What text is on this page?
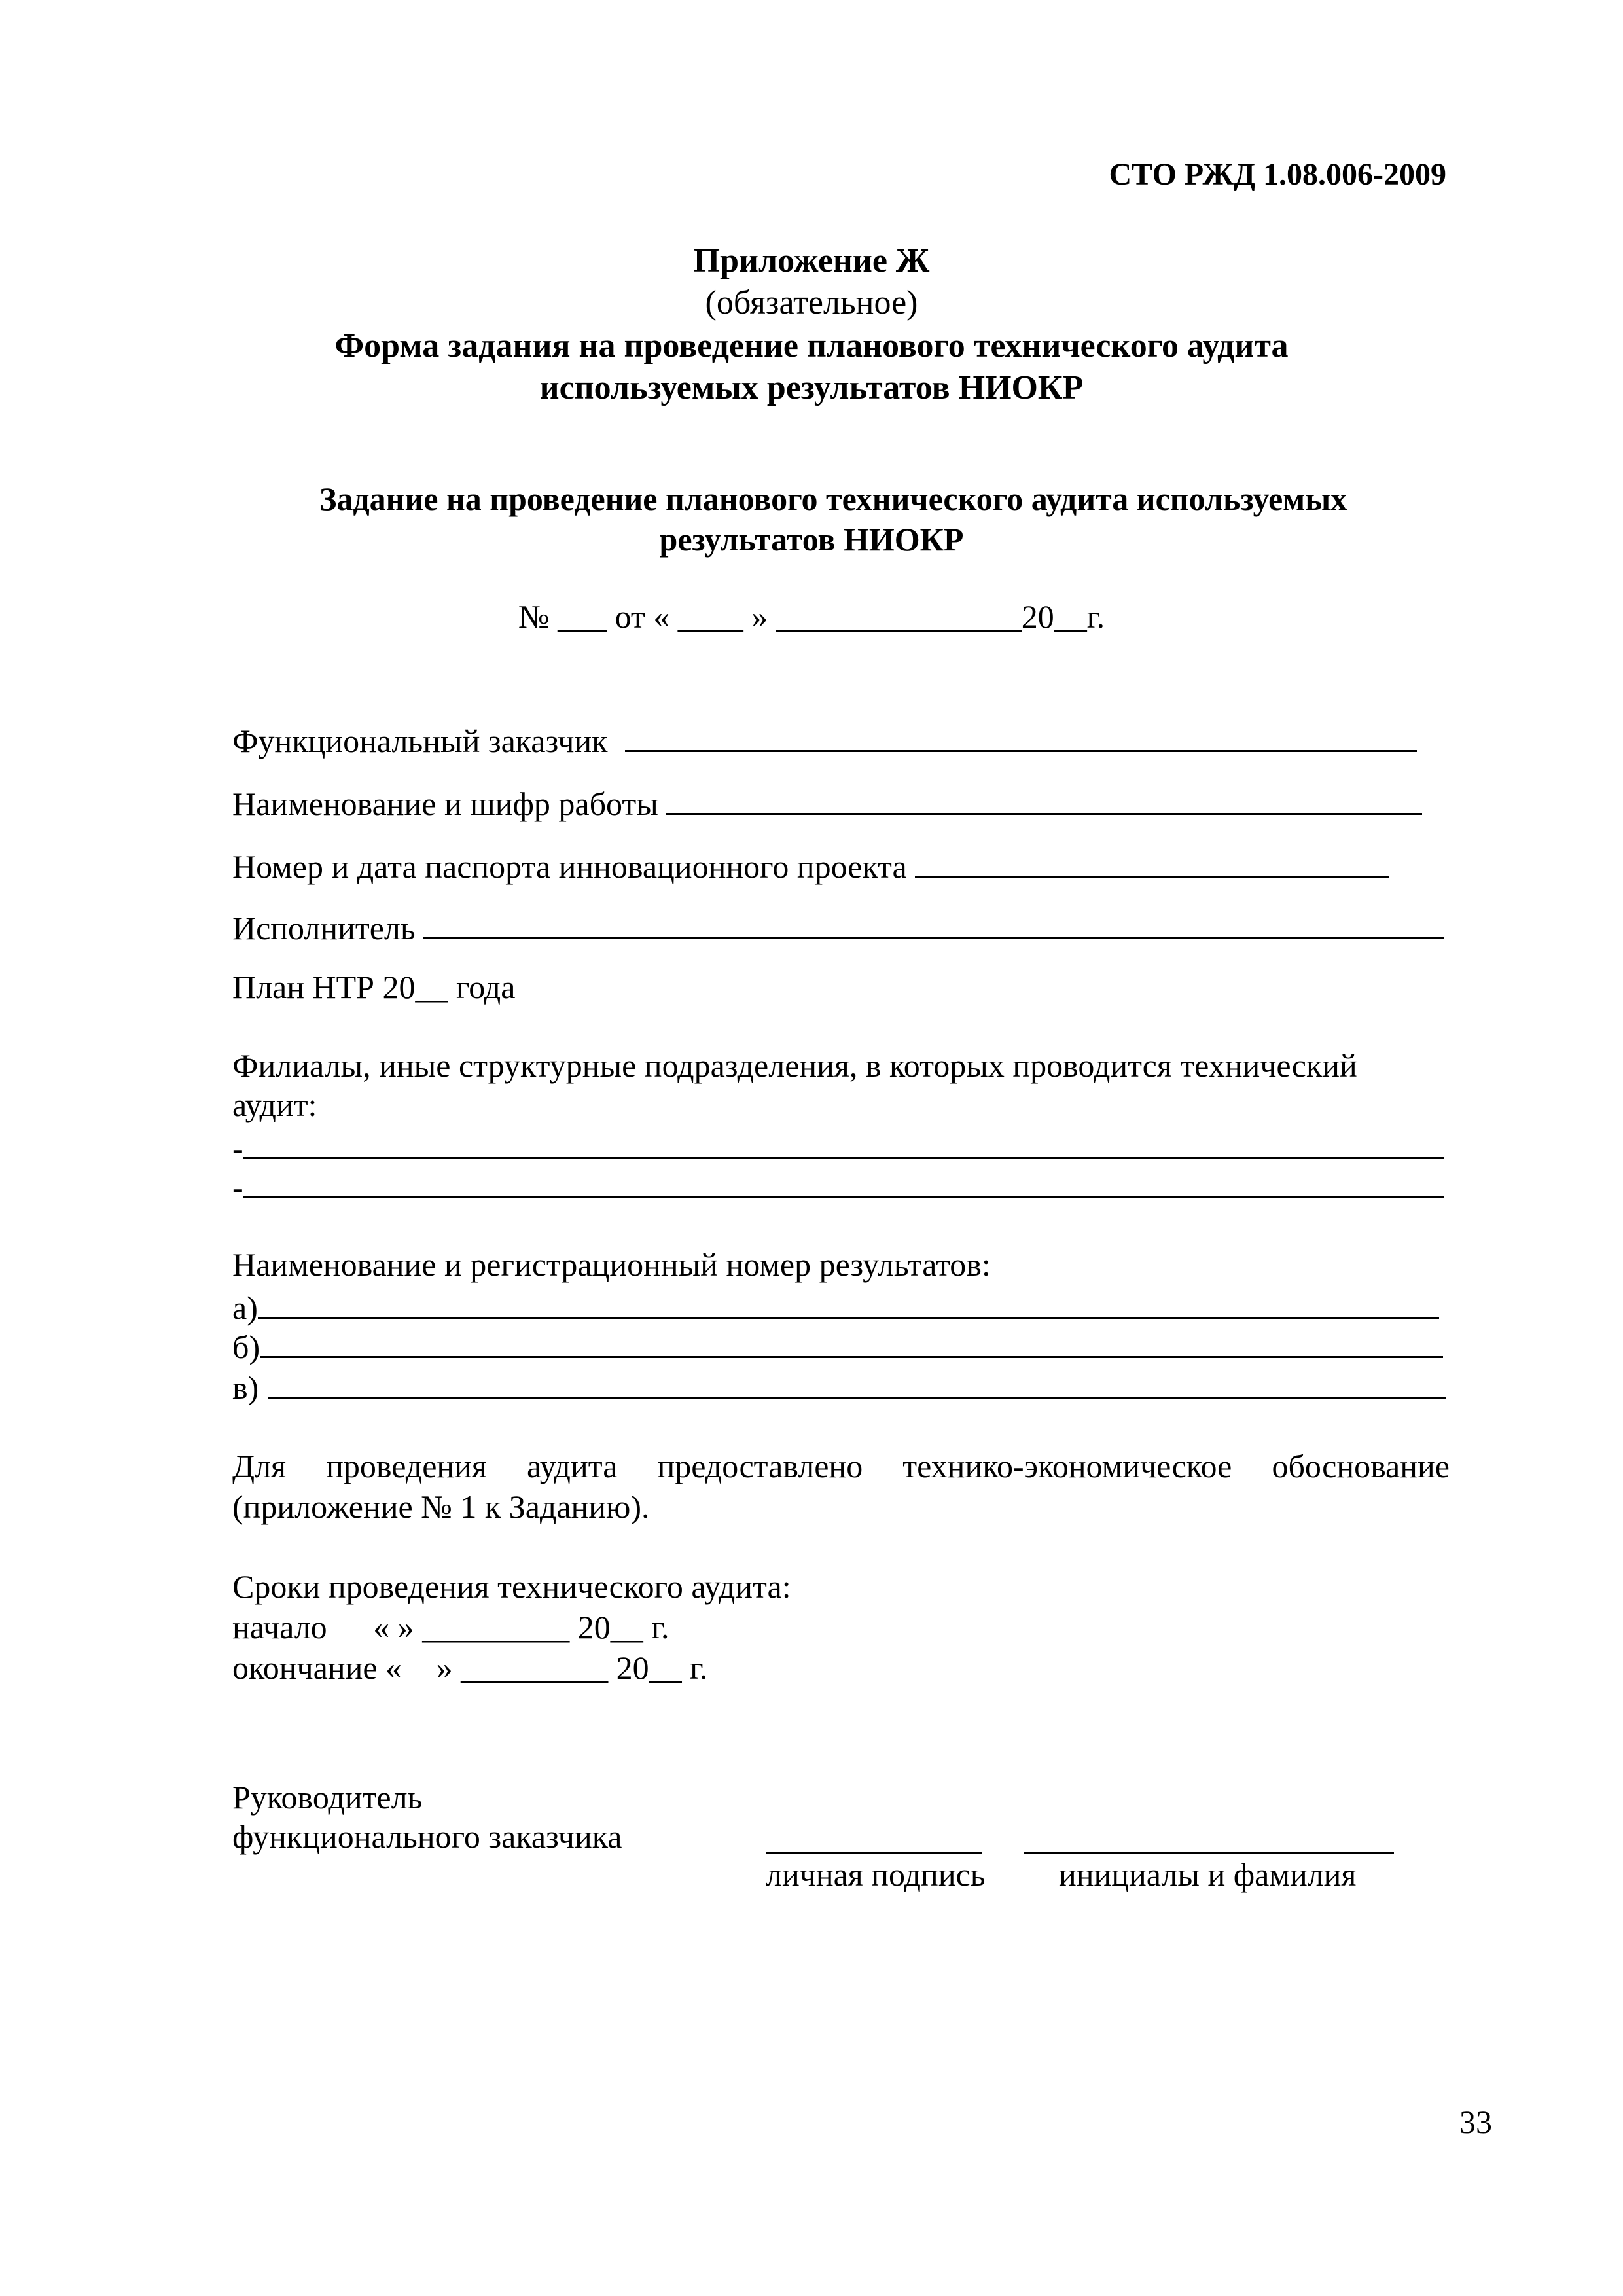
СТО РЖД 1.08.006-2009
Приложение Ж
(обязательное)
Форма задания на проведение планового технического аудита
используемых результатов НИОКР
Задание на проведение планового технического аудита используемых
результатов НИОКР
№ ___ от « ____ » _______________20__г.
Функциональный заказчик
Наименование и шифр работы
Номер и дата паспорта инновационного проекта
Исполнитель
План НТР 20__ года
Филиалы, иные структурные подразделения, в которых проводится технический
аудит:
-
-
Наименование и регистрационный номер результатов:
а)
б)
в)
Для проведения аудита предоставлено технико-экономическое обоснование
(приложение № 1 к Заданию).
Сроки проведения технического аудита:
начало « » _________ 20__ г.
окончание « » _________ 20__ г.
Руководитель
функционального заказчика
личная подпись инициалы и фамилия
33
